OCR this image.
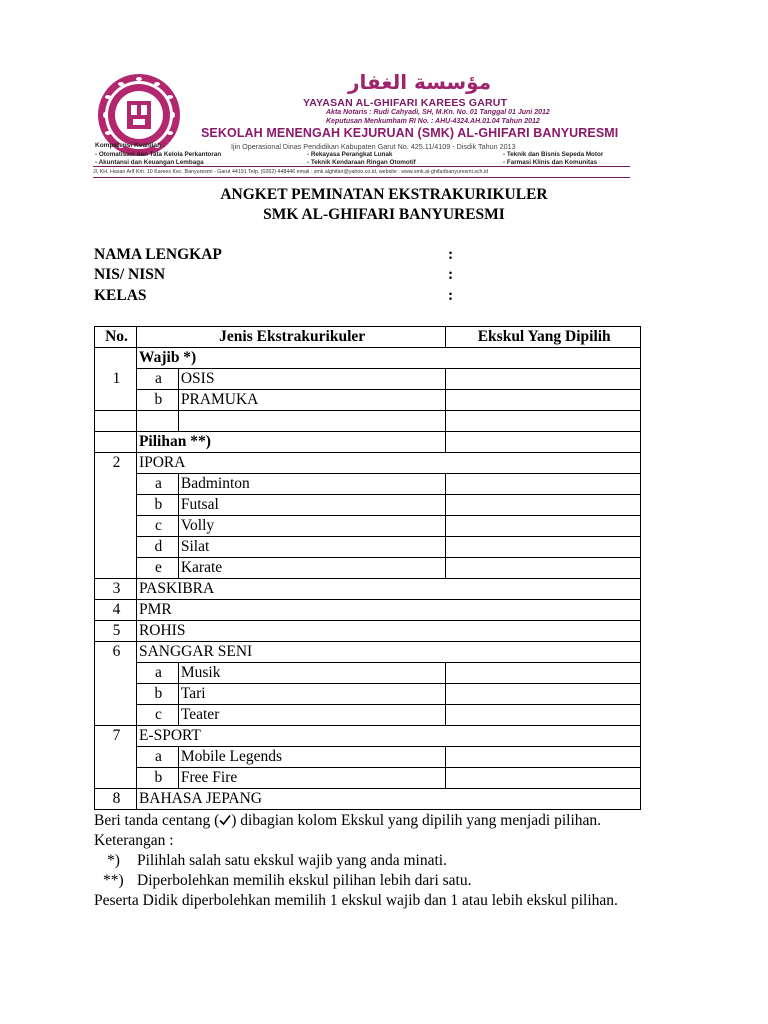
مؤسسة الغفار
YAYASAN AL-GHIFARI KAREES GARUT
Akta Notaris : Rudi Cahyadi, SH, M.Kn. No. 01 Tanggal 01 Juni 2012
Keputusan Menkumham RI No. : AHU-4324.AH.01.04 Tahun 2012
SEKOLAH MENENGAH KEJURUAN (SMK) AL-GHIFARI BANYURESMI
Ijin Operasional Dinas Pendidikan Kabupaten Garut No. 425.11/4109 - Disdik Tahun 2013
Kompetensi Keahlian :
- Otomatisasi dan Tata Kelola Perkantoran
- Akuntansi dan Keuangan Lembaga
- Rekayasa Perangkat Lunak
- Teknik Kendaraan Ringan Otomotif
- Teknik dan Bisnis Sepeda Motor
- Farmasi Klinis dan Komunitas
Jl. KH. Hasan Arif Km. 10 Karees Kec. Banyuresmi - Garut 44191 Telp. (0262) 448446 email : smk.alghifari@yahoo.co.id, website : www.smk.al-ghifaribanyuresmi.sch.id
ANGKET PEMINATAN EKSTRAKURIKULER
SMK AL-GHIFARI BANYURESMI
NAMA LENGKAP	:
NIS/ NISN	:
KELAS	:
No.	Jenis Ekstrakurikuler		Ekskul Yang Dipilih
	Wajib *)		
1	a	OSIS	
	b	PRAMUKA	

	Pilihan **)		
2	IPORA		
	a	Badminton	
	b	Futsal	
	c	Volly	
	d	Silat	
	e	Karate	
3	PASKIBRA		
4	PMR		
5	ROHIS		
6	SANGGAR SENI		
	a	Musik	
	b	Tari	
	c	Teater	
7	E-SPORT		
	a	Mobile Legends	
	b	Free Fire	
8	BAHASA JEPANG		
Beri tanda centang ( ) dibagian kolom Ekskul yang dipilih yang menjadi pilihan.
Keterangan :
*) Pilihlah salah satu ekskul wajib yang anda minati.
**) Diperbolehkan memilih ekskul pilihan lebih dari satu.
Peserta Didik diperbolehkan memilih 1 ekskul wajib dan 1 atau lebih ekskul pilihan.
